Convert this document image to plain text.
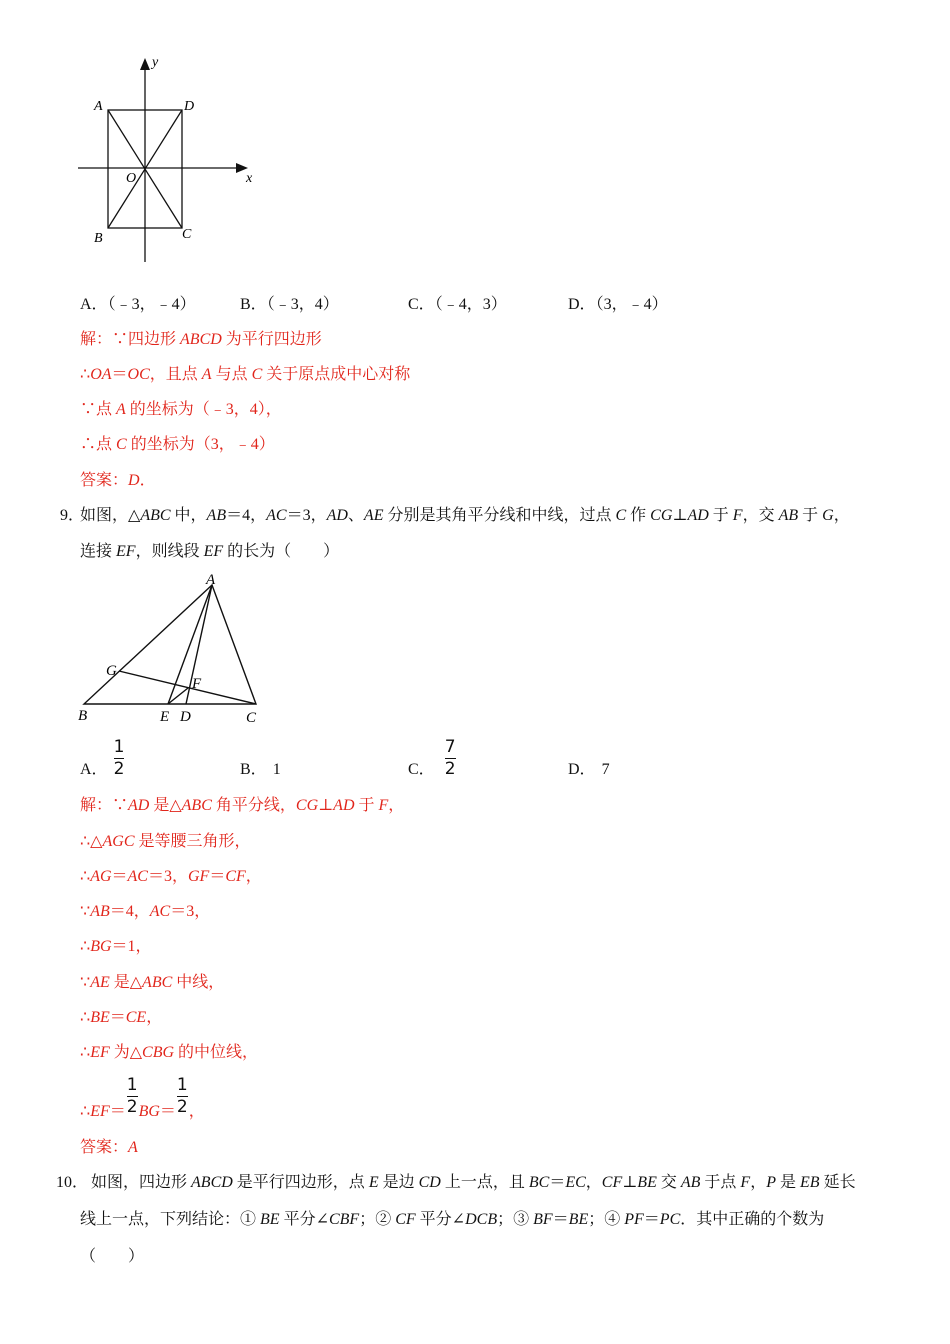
A	D
B	C
O	x
y
A．（﹣3，﹣4）	B．（﹣3，4）	C．（﹣4，3）	D．（3，﹣4）
解：∵四边形 ABCD 为平行四边形
∴OA＝OC，且点 A 与点 C 关于原点成中心对称
∵点 A 的坐标为（﹣3，4），
∴点 C 的坐标为（3，﹣4）
答案：D．
9．
如图，△ABC 中，AB＝4，AC＝3，AD、AE 分别是其角平分线和中线，过点 C 作 CG⊥AD 于 F，交 AB 于 G，
连接 EF，则线段 EF 的长为（　　）
A
B	C
E D
G
F
A． $\frac{1}{2}$	B． 1	C． $\frac{7}{2}$	D． 7
解：∵AD 是△ABC 角平分线，CG⊥AD 于 F，
∴△AGC 是等腰三角形，
∴AG＝AC＝3，GF＝CF，
∵AB＝4，AC＝3，
∴BG＝1，
∵AE 是△ABC 中线，
∴BE＝CE，
∴EF 为△CBG 的中位线，
∴ EF ＝ $\frac{1}{2}$ BG ＝ $\frac{1}{2}$ ，
答案：A
10． 如图，四边形 ABCD 是平行四边形，点 E 是边 CD 上一点，且 BC＝EC，CF⊥BE 交 AB 于点 F，P 是 EB 延长
线上一点，下列结论：① BE 平分∠CBF；② CF 平分∠DCB；③ BF＝BE；④ PF＝PC．其中正确的个数为
（　　）
